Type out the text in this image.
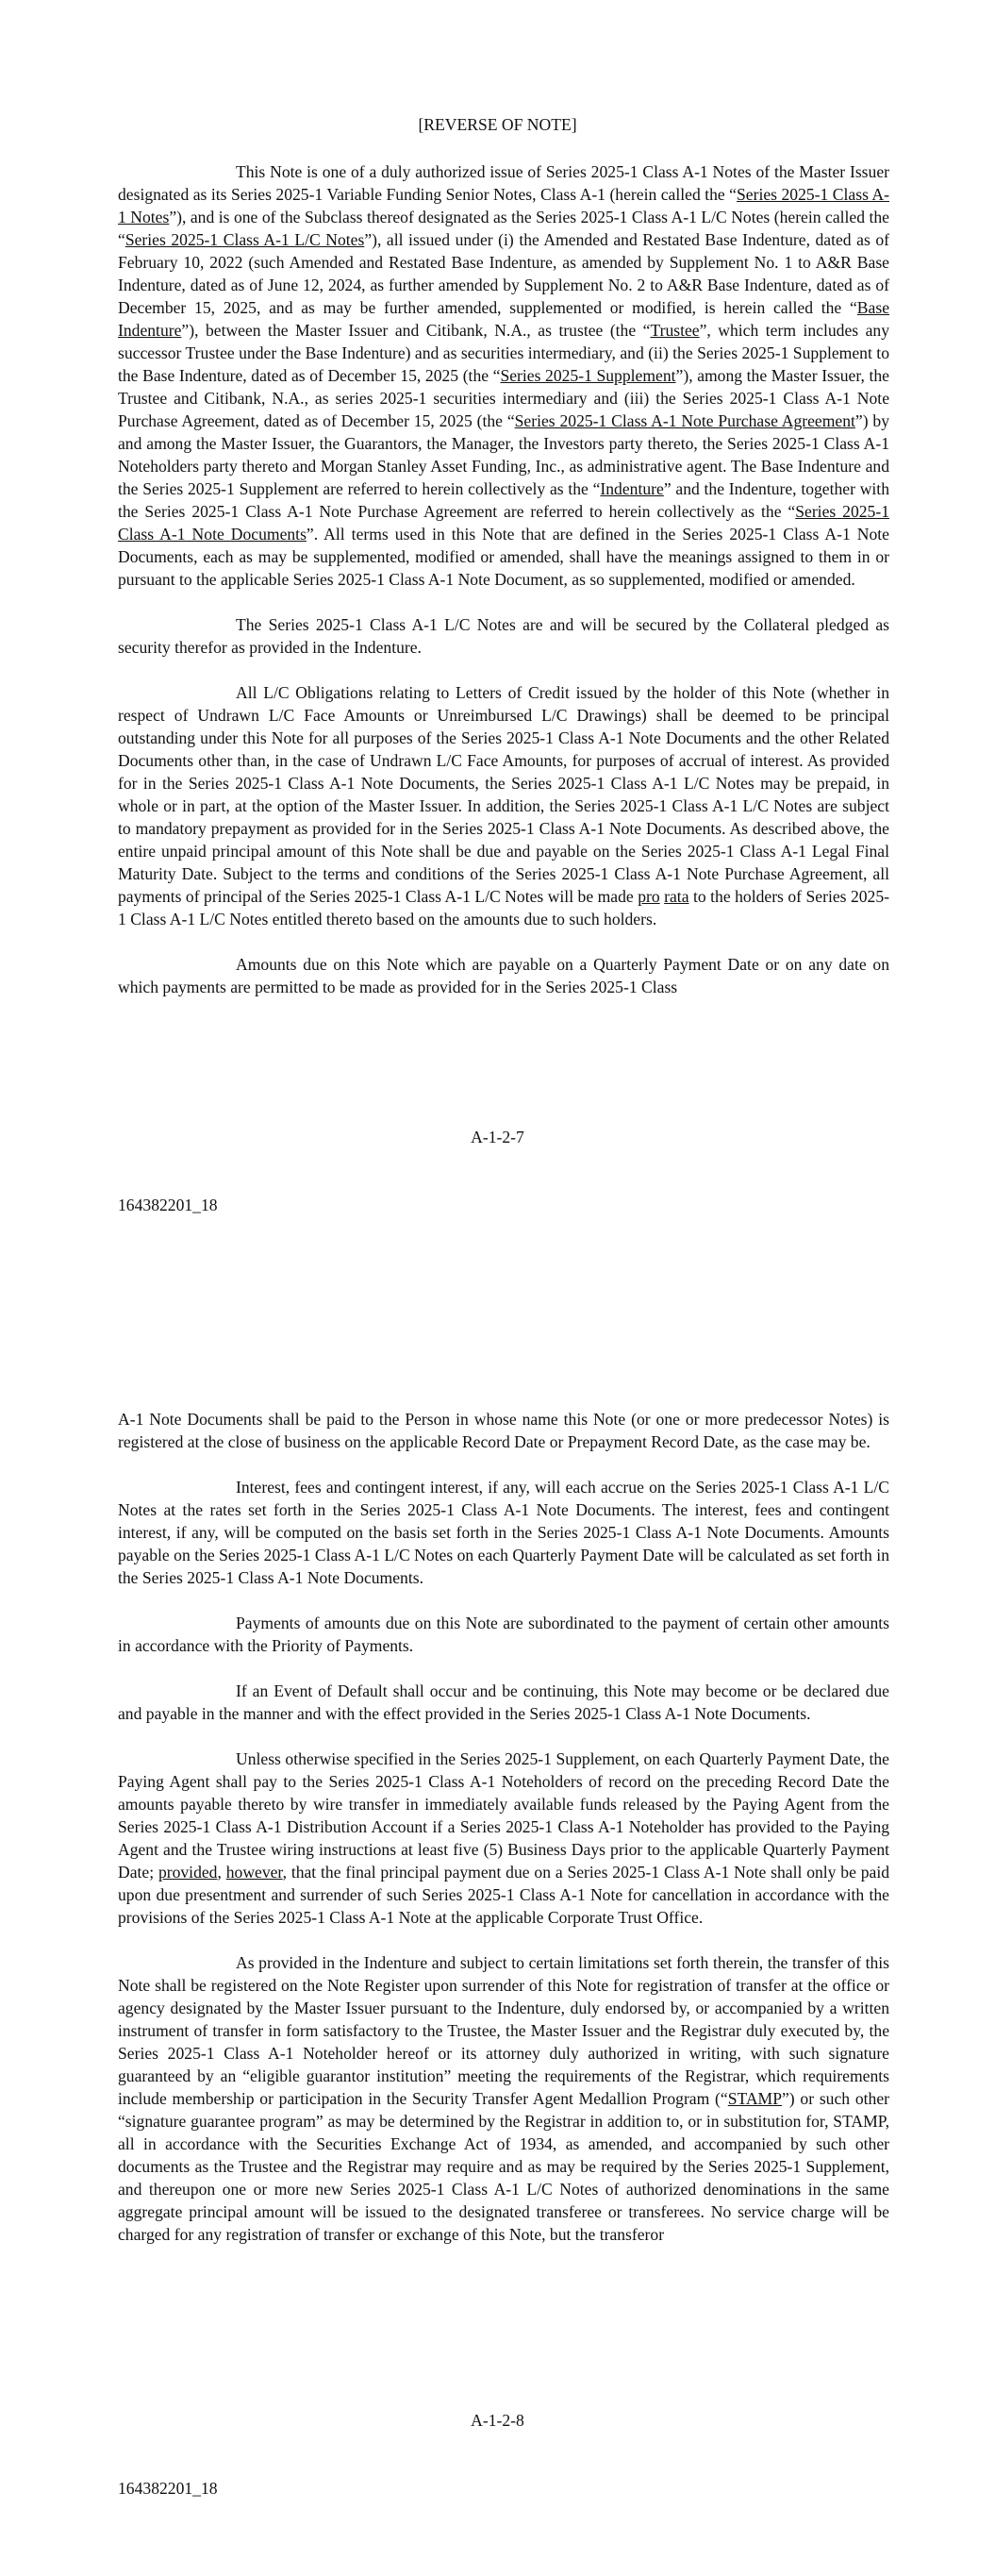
[REVERSE OF NOTE]

This Note is one of a duly authorized issue of Series 2025-1 Class A-1 Notes of the Master Issuer designated as its Series 2025-1 Variable Funding Senior Notes, Class A-1 (herein called the “Series 2025-1 Class A-1 Notes”), and is one of the Subclass thereof designated as the Series 2025-1 Class A-1 L/C Notes (herein called the “Series 2025-1 Class A-1 L/C Notes”), all issued under (i) the Amended and Restated Base Indenture, dated as of February 10, 2022 (such Amended and Restated Base Indenture, as amended by Supplement No. 1 to A&R Base Indenture, dated as of June 12, 2024, as further amended by Supplement No. 2 to A&R Base Indenture, dated as of December 15, 2025, and as may be further amended, supplemented or modified, is herein called the “Base Indenture”), between the Master Issuer and Citibank, N.A., as trustee (the “Trustee”, which term includes any successor Trustee under the Base Indenture) and as securities intermediary, and (ii) the Series 2025-1 Supplement to the Base Indenture, dated as of December 15, 2025 (the “Series 2025-1 Supplement”), among the Master Issuer, the Trustee and Citibank, N.A., as series 2025-1 securities intermediary and (iii) the Series 2025-1 Class A-1 Note Purchase Agreement, dated as of December 15, 2025 (the “Series 2025-1 Class A-1 Note Purchase Agreement”) by and among the Master Issuer, the Guarantors, the Manager, the Investors party thereto, the Series 2025-1 Class A-1 Noteholders party thereto and Morgan Stanley Asset Funding, Inc., as administrative agent. The Base Indenture and the Series 2025-1 Supplement are referred to herein collectively as the “Indenture” and the Indenture, together with the Series 2025-1 Class A-1 Note Purchase Agreement are referred to herein collectively as the “Series 2025-1 Class A-1 Note Documents”. All terms used in this Note that are defined in the Series 2025-1 Class A-1 Note Documents, each as may be supplemented, modified or amended, shall have the meanings assigned to them in or pursuant to the applicable Series 2025-1 Class A-1 Note Document, as so supplemented, modified or amended.

The Series 2025-1 Class A-1 L/C Notes are and will be secured by the Collateral pledged as security therefor as provided in the Indenture.

All L/C Obligations relating to Letters of Credit issued by the holder of this Note (whether in respect of Undrawn L/C Face Amounts or Unreimbursed L/C Drawings) shall be deemed to be principal outstanding under this Note for all purposes of the Series 2025-1 Class A-1 Note Documents and the other Related Documents other than, in the case of Undrawn L/C Face Amounts, for purposes of accrual of interest. As provided for in the Series 2025-1 Class A-1 Note Documents, the Series 2025-1 Class A-1 L/C Notes may be prepaid, in whole or in part, at the option of the Master Issuer. In addition, the Series 2025-1 Class A-1 L/C Notes are subject to mandatory prepayment as provided for in the Series 2025-1 Class A-1 Note Documents. As described above, the entire unpaid principal amount of this Note shall be due and payable on the Series 2025-1 Class A-1 Legal Final Maturity Date. Subject to the terms and conditions of the Series 2025-1 Class A-1 Note Purchase Agreement, all payments of principal of the Series 2025-1 Class A-1 L/C Notes will be made pro rata to the holders of Series 2025-1 Class A-1 L/C Notes entitled thereto based on the amounts due to such holders.

Amounts due on this Note which are payable on a Quarterly Payment Date or on any date on which payments are permitted to be made as provided for in the Series 2025-1 Class

A-1-2-7
164382201_18

A-1 Note Documents shall be paid to the Person in whose name this Note (or one or more predecessor Notes) is registered at the close of business on the applicable Record Date or Prepayment Record Date, as the case may be.

Interest, fees and contingent interest, if any, will each accrue on the Series 2025-1 Class A-1 L/C Notes at the rates set forth in the Series 2025-1 Class A-1 Note Documents. The interest, fees and contingent interest, if any, will be computed on the basis set forth in the Series 2025-1 Class A-1 Note Documents. Amounts payable on the Series 2025-1 Class A-1 L/C Notes on each Quarterly Payment Date will be calculated as set forth in the Series 2025-1 Class A-1 Note Documents.

Payments of amounts due on this Note are subordinated to the payment of certain other amounts in accordance with the Priority of Payments.

If an Event of Default shall occur and be continuing, this Note may become or be declared due and payable in the manner and with the effect provided in the Series 2025-1 Class A-1 Note Documents.

Unless otherwise specified in the Series 2025-1 Supplement, on each Quarterly Payment Date, the Paying Agent shall pay to the Series 2025-1 Class A-1 Noteholders of record on the preceding Record Date the amounts payable thereto by wire transfer in immediately available funds released by the Paying Agent from the Series 2025-1 Class A-1 Distribution Account if a Series 2025-1 Class A-1 Noteholder has provided to the Paying Agent and the Trustee wiring instructions at least five (5) Business Days prior to the applicable Quarterly Payment Date; provided, however, that the final principal payment due on a Series 2025-1 Class A-1 Note shall only be paid upon due presentment and surrender of such Series 2025-1 Class A-1 Note for cancellation in accordance with the provisions of the Series 2025-1 Class A-1 Note at the applicable Corporate Trust Office.

As provided in the Indenture and subject to certain limitations set forth therein, the transfer of this Note shall be registered on the Note Register upon surrender of this Note for registration of transfer at the office or agency designated by the Master Issuer pursuant to the Indenture, duly endorsed by, or accompanied by a written instrument of transfer in form satisfactory to the Trustee, the Master Issuer and the Registrar duly executed by, the Series 2025-1 Class A-1 Noteholder hereof or its attorney duly authorized in writing, with such signature guaranteed by an “eligible guarantor institution” meeting the requirements of the Registrar, which requirements include membership or participation in the Security Transfer Agent Medallion Program (“STAMP”) or such other “signature guarantee program” as may be determined by the Registrar in addition to, or in substitution for, STAMP, all in accordance with the Securities Exchange Act of 1934, as amended, and accompanied by such other documents as the Trustee and the Registrar may require and as may be required by the Series 2025-1 Supplement, and thereupon one or more new Series 2025-1 Class A-1 L/C Notes of authorized denominations in the same aggregate principal amount will be issued to the designated transferee or transferees. No service charge will be charged for any registration of transfer or exchange of this Note, but the transferor

A-1-2-8
164382201_18
